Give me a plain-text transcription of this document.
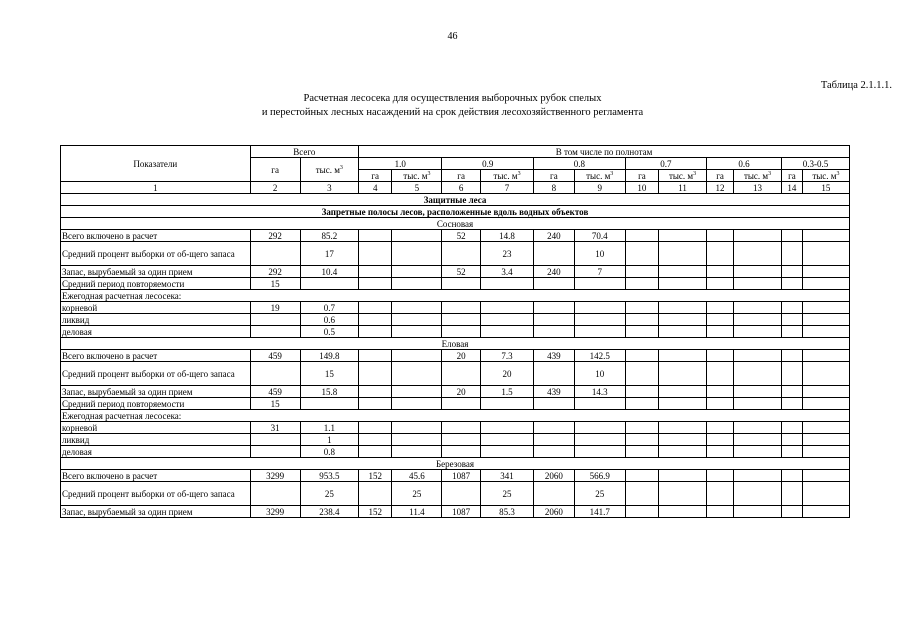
46
Таблица 2.1.1.1.
Расчетная лесосека для осуществления выборочных рубок спелых
и перестойных лесных насаждений на срок действия лесохозяйственного регламента
Показатели	Всего		В том числе по полнотам											
	га	тыс. $м^3$	1.0		0.9		0.8		0.7		0.6		0.3-0.5	
			га	тыс. $м^3$	га	тыс. $м^3$	га	тыс. $м^3$	га	тыс. $м^3$	га	тыс. $м^3$	га	тыс. $м^3$
1	2	3	4	5	6	7	8	9	10	11	12	13	14	15
Защитные леса														
Запретные полосы лесов, расположенные вдоль водных объектов														
Сосновая														
Всего включено в расчет	292	85.2			52	14.8	240	70.4						
Средний процент выборки от об-щего запаса		17				23		10						
Запас, вырубаемый за один прием	292	10.4			52	3.4	240	7						
Средний период повторяемости	15													
Ежегодная расчетная лесосека:														
корневой	19	0.7												
ликвид		0.6												
деловая		0.5												
Еловая														
Всего включено в расчет	459	149.8			20	7.3	439	142.5						
Средний процент выборки от об-щего запаса		15				20		10						
Запас, вырубаемый за один прием	459	15.8			20	1.5	439	14.3						
Средний период повторяемости	15													
Ежегодная расчетная лесосека:														
корневой	31	1.1												
ликвид		1												
деловая		0.8												
Березовая														
Всего включено в расчет	3299	953.5	152	45.6	1087	341	2060	566.9						
Средний процент выборки от об-щего запаса		25		25		25		25						
Запас, вырубаемый за один прием	3299	238.4	152	11.4	1087	85.3	2060	141.7						
